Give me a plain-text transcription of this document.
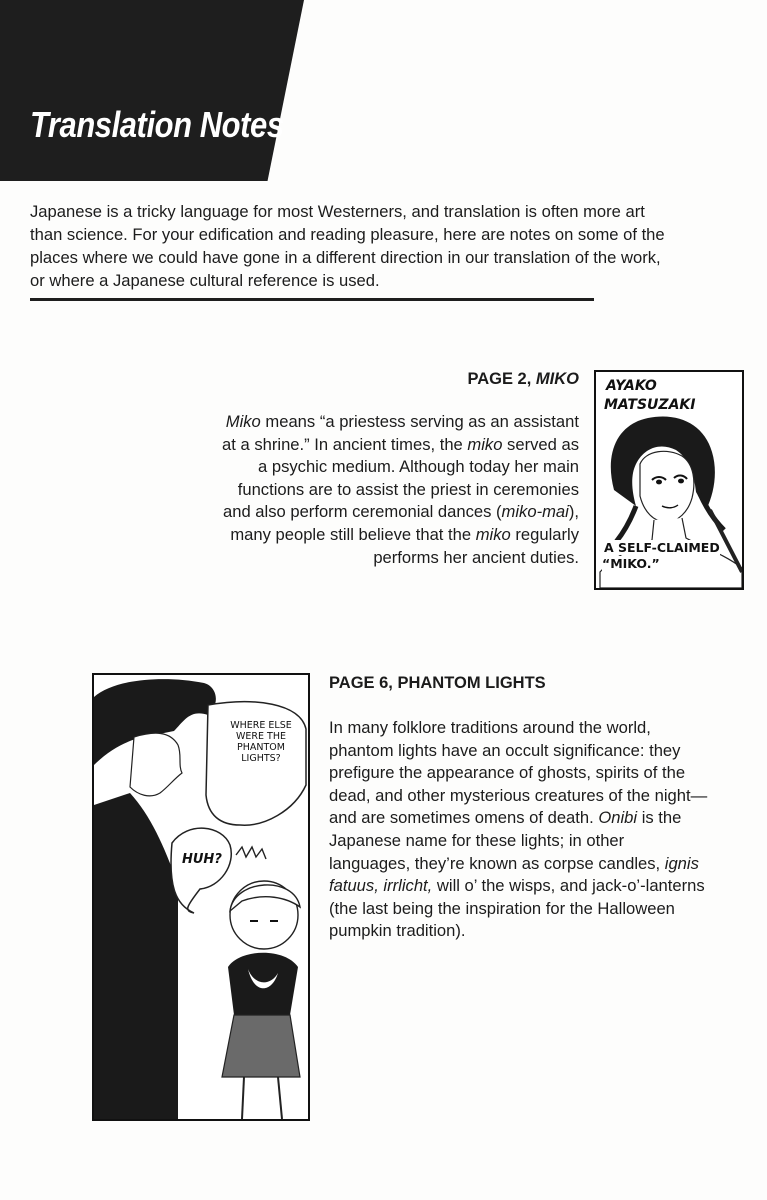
Translation Notes

Japanese is a tricky language for most Westerners, and translation is often more art than science. For your edification and reading pleasure, here are notes on some of the places where we could have gone in a different direction in our translation of the work, or where a Japanese cultural reference is used.

PAGE 2, MIKO

Miko means “a priestess serving as an assistant at a shrine.” In ancient times, the miko served as a psychic medium. Although today her main functions are to assist the priest in ceremonies and also perform ceremonial dances (miko-mai), many people still believe that the miko regularly performs her ancient duties.

AYAKO
MATSUZAKI
A SELF-CLAIMED
“MIKO.”
WHERE ELSE
WERE THE
PHANTOM
LIGHTS?
HUH?
PAGE 6, PHANTOM LIGHTS

In many folklore traditions around the world, phantom lights have an occult significance: they prefigure the appearance of ghosts, spirits of the dead, and other mysterious creatures of the night—and are sometimes omens of death. Onibi is the Japanese name for these lights; in other languages, they’re known as corpse candles, ignis fatuus, irrlicht, will o’ the wisps, and jack-o’-lanterns (the last being the inspiration for the Halloween pumpkin tradition).
